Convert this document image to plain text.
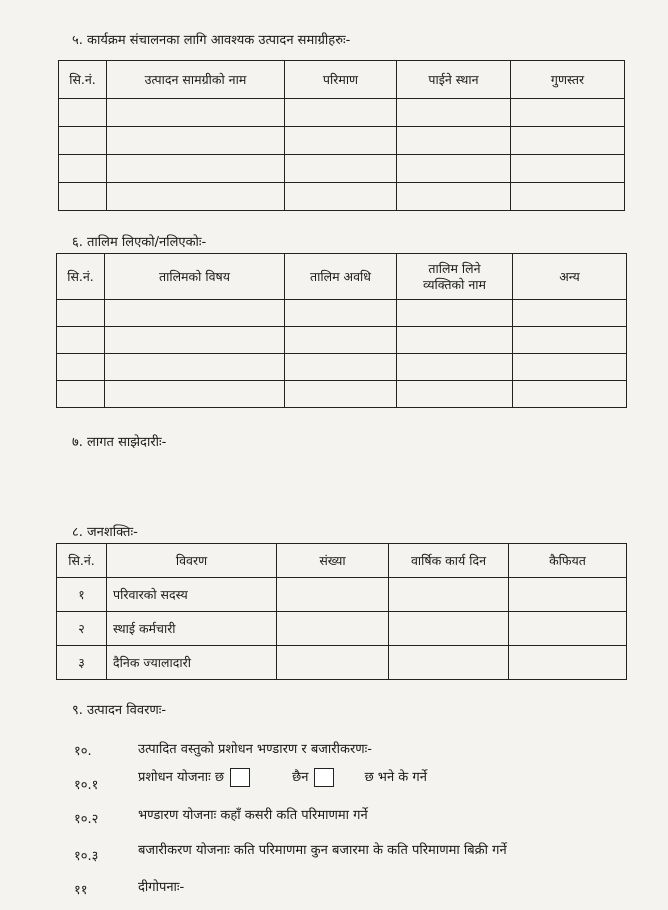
५. कार्यक्रम संचालनका लागि आवश्यक उत्पादन समाग्रीहरुः-
सि.नं.	उत्पादन सामग्रीको नाम	परिमाण	पाईने स्थान	गुणस्तर

६. तालिम लिएको/नलिएकोः-
सि.नं.	तालिमको विषय	तालिम अवधि	तालिम लिने व्यक्तिको नाम	अन्य

७. लागत साझेदारीः-
८. जनशक्तिः-
सि.नं.	विवरण	संख्या	वार्षिक कार्य दिन	कैफियत
१	परिवारको सदस्य			
२	स्थाई कर्मचारी			
३	दैनिक ज्यालादारी			
९. उत्पादन विवरणः-
१०.	उत्पादित वस्तुको प्रशोधन भण्डारण र बजारीकरणः-
१०.१
प्रशोधन योजनाः छ	छैन	छ भने के गर्ने
१०.२	भण्डारण योजनाः कहाँ कसरी कति परिमाणमा गर्ने
१०.३	बजारीकरण योजनाः कति परिमाणमा कुन बजारमा के कति परिमाणमा बिक्री गर्ने
११	दीगोपनाः-
